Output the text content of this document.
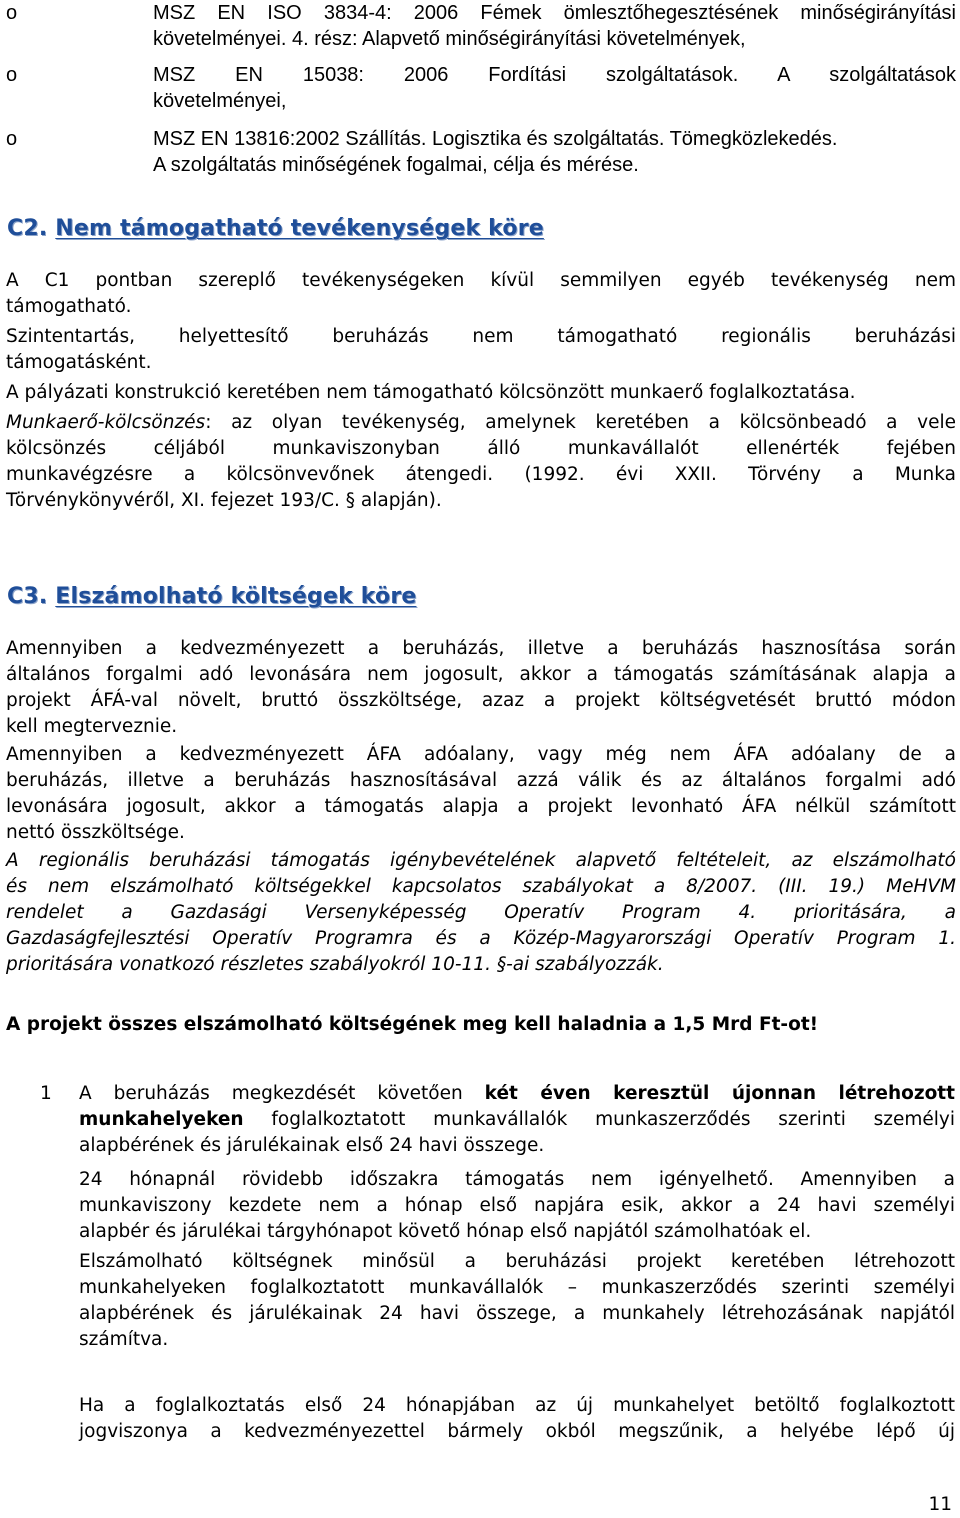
o	MSZ EN ISO 3834-4: 2006 Fémek ömlesztőhegesztésének minőségirányítási
követelményei. 4. rész: Alapvető minőségirányítási követelmények,
o	MSZ EN 15038: 2006 Fordítási szolgáltatások. A szolgáltatások
követelményei,
o	MSZ EN 13816:2002 Szállítás. Logisztika és szolgáltatás. Tömegközlekedés.
A szolgáltatás minőségének fogalmai, célja és mérése.
C2. Nem támogatható tevékenységek köre
A C1 pontban szereplő tevékenységeken kívül semmilyen egyéb tevékenység nem
támogatható.
Szintentartás, helyettesítő beruházás nem támogatható regionális beruházási
támogatásként.
A pályázati konstrukció keretében nem támogatható kölcsönzött munkaerő foglalkoztatása.
Munkaerő-kölcsönzés: az olyan tevékenység, amelynek keretében a kölcsönbeadó a vele
kölcsönzés céljából munkaviszonyban álló munkavállalót ellenérték fejében
munkavégzésre a kölcsönvevőnek átengedi. (1992. évi XXII. Törvény a Munka
Törvénykönyvéről, XI. fejezet 193/C. § alapján).
C3. Elszámolható költségek köre
Amennyiben a kedvezményezett a beruházás, illetve a beruházás hasznosítása során
általános forgalmi adó levonására nem jogosult, akkor a támogatás számításának alapja a
projekt ÁFÁ-val növelt, bruttó összköltsége, azaz a projekt költségvetését bruttó módon
kell megterveznie.
Amennyiben a kedvezményezett ÁFA adóalany, vagy még nem ÁFA adóalany de a
beruházás, illetve a beruházás hasznosításával azzá válik és az általános forgalmi adó
levonására jogosult, akkor a támogatás alapja a projekt levonható ÁFA nélkül számított
nettó összköltsége.
A regionális beruházási támogatás igénybevételének alapvető feltételeit, az elszámolható
és nem elszámolható költségekkel kapcsolatos szabályokat a 8/2007. (III. 19.) MeHVM
rendelet a Gazdasági Versenyképesség Operatív Program 4. prioritására, a
Gazdaságfejlesztési Operatív Programra és a Közép-Magyarországi Operatív Program 1.
prioritására vonatkozó részletes szabályokról 10-11. §-ai szabályozzák.
A projekt összes elszámolható költségének meg kell haladnia a 1,5 Mrd Ft-ot!
1 A beruházás megkezdését követően két éven keresztül újonnan létrehozott
munkahelyeken foglalkoztatott munkavállalók munkaszerződés szerinti személyi
alapbérének és járulékainak első 24 havi összege.
24 hónapnál rövidebb időszakra támogatás nem igényelhető. Amennyiben a
munkaviszony kezdete nem a hónap első napjára esik, akkor a 24 havi személyi
alapbér és járulékai tárgyhónapot követő hónap első napjától számolhatóak el.
Elszámolható költségnek minősül a beruházási projekt keretében létrehozott
munkahelyeken foglalkoztatott munkavállalók – munkaszerződés szerinti személyi
alapbérének és járulékainak 24 havi összege, a munkahely létrehozásának napjától
számítva.
Ha a foglalkoztatás első 24 hónapjában az új munkahelyet betöltő foglalkoztott
jogviszonya a kedvezményezettel bármely okból megszűnik, a helyébe lépő új
11
